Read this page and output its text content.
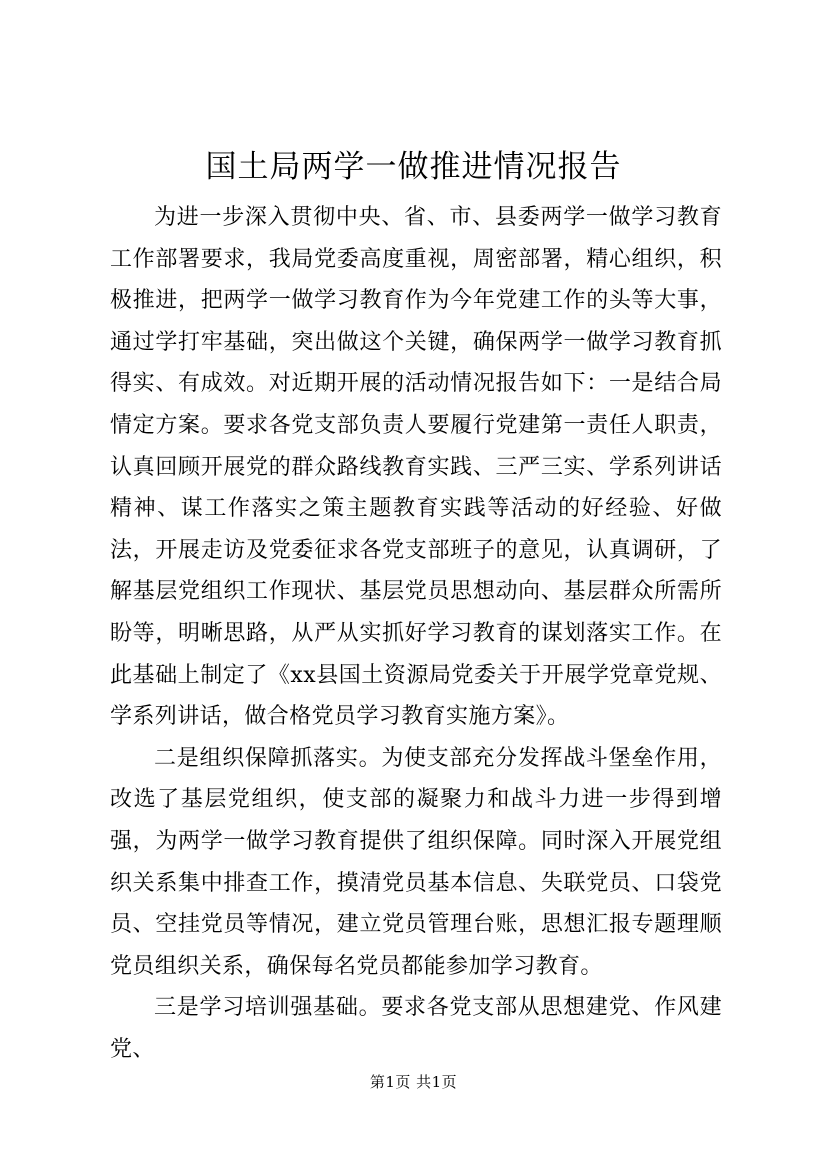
国土局两学一做推进情况报告

为进一步深入贯彻中央、省、市、县委两学一做学习教育工作部署要求，我局党委高度重视，周密部署，精心组织，积极推进，把两学一做学习教育作为今年党建工作的头等大事，通过学打牢基础，突出做这个关键，确保两学一做学习教育抓得实、有成效。对近期开展的活动情况报告如下：一是结合局情定方案。要求各党支部负责人要履行党建第一责任人职责，认真回顾开展党的群众路线教育实践、三严三实、学系列讲话精神、谋工作落实之策主题教育实践等活动的好经验、好做法，开展走访及党委征求各党支部班子的意见，认真调研，了解基层党组织工作现状、基层党员思想动向、基层群众所需所盼等，明晰思路，从严从实抓好学习教育的谋划落实工作。在此基础上制定了《xx县国土资源局党委关于开展学党章党规、学系列讲话，做合格党员学习教育实施方案》。

二是组织保障抓落实。为使支部充分发挥战斗堡垒作用，改选了基层党组织，使支部的凝聚力和战斗力进一步得到增强，为两学一做学习教育提供了组织保障。同时深入开展党组织关系集中排查工作，摸清党员基本信息、失联党员、口袋党员、空挂党员等情况，建立党员管理台账，思想汇报专题理顺党员组织关系，确保每名党员都能参加学习教育。

三是学习培训强基础。要求各党支部从思想建党、作风建党、

第1页 共1页
